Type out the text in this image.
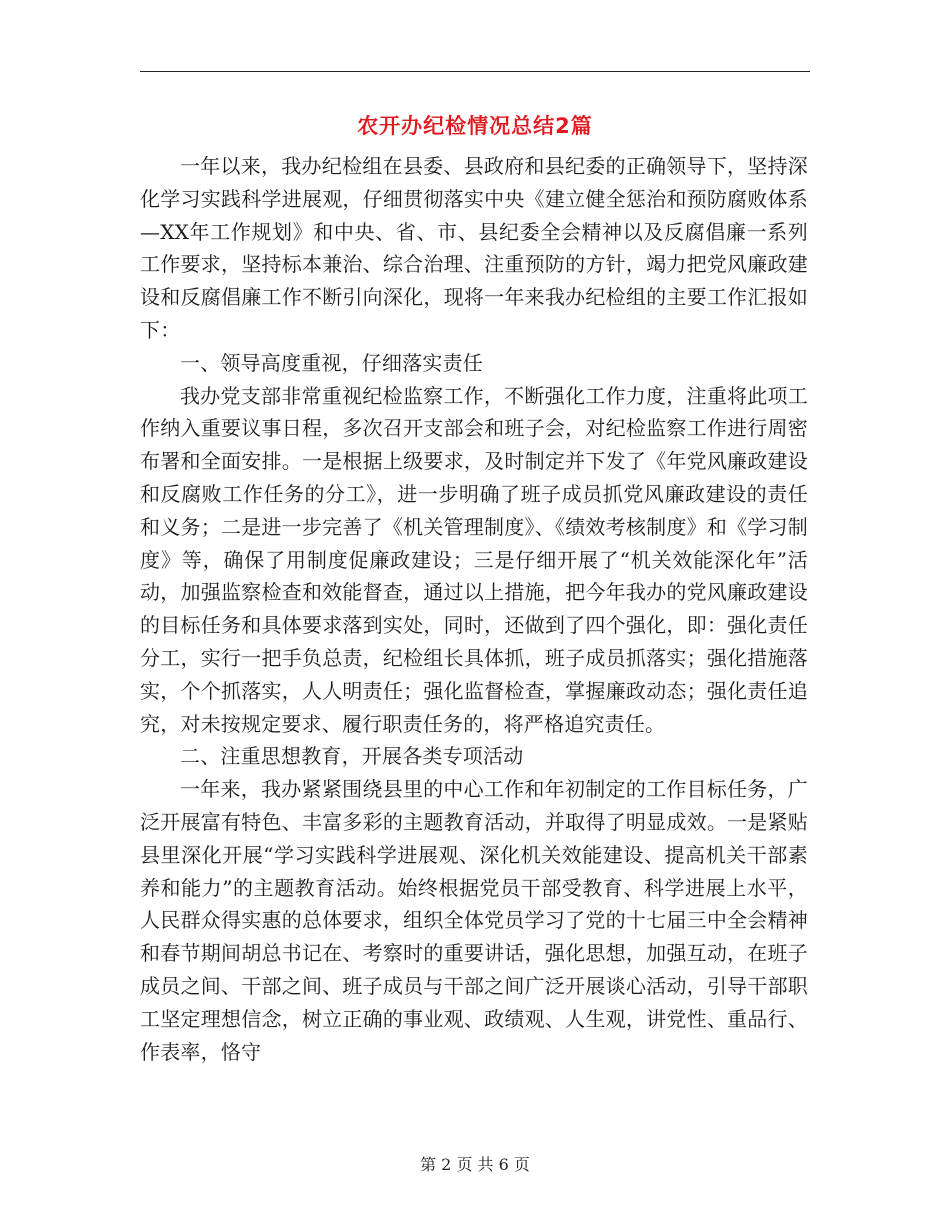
农开办纪检情况总结2篇

一年以来，我办纪检组在县委、县政府和县纪委的正确领导下，坚持深化学习实践科学进展观，仔细贯彻落实中央《建立健全惩治和预防腐败体系—XX年工作规划》和中央、省、市、县纪委全会精神以及反腐倡廉一系列工作要求，坚持标本兼治、综合治理、注重预防的方针，竭力把党风廉政建设和反腐倡廉工作不断引向深化，现将一年来我办纪检组的主要工作汇报如下：

一、领导高度重视，仔细落实责任

我办党支部非常重视纪检监察工作，不断强化工作力度，注重将此项工作纳入重要议事日程，多次召开支部会和班子会，对纪检监察工作进行周密布署和全面安排。一是根据上级要求，及时制定并下发了《年党风廉政建设和反腐败工作任务的分工》，进一步明确了班子成员抓党风廉政建设的责任和义务；二是进一步完善了《机关管理制度》、《绩效考核制度》和《学习制度》等，确保了用制度促廉政建设；三是仔细开展了“机关效能深化年”活动，加强监察检查和效能督查，通过以上措施，把今年我办的党风廉政建设的目标任务和具体要求落到实处，同时，还做到了四个强化，即：强化责任分工，实行一把手负总责，纪检组长具体抓，班子成员抓落实；强化措施落实，个个抓落实，人人明责任；强化监督检查，掌握廉政动态；强化责任追究，对未按规定要求、履行职责任务的，将严格追究责任。

二、注重思想教育，开展各类专项活动

一年来，我办紧紧围绕县里的中心工作和年初制定的工作目标任务，广泛开展富有特色、丰富多彩的主题教育活动，并取得了明显成效。一是紧贴县里深化开展“学习实践科学进展观、深化机关效能建设、提高机关干部素养和能力”的主题教育活动。始终根据党员干部受教育、科学进展上水平，人民群众得实惠的总体要求，组织全体党员学习了党的十七届三中全会精神和春节期间胡总书记在、考察时的重要讲话，强化思想，加强互动，在班子成员之间、干部之间、班子成员与干部之间广泛开展谈心活动，引导干部职工坚定理想信念，树立正确的事业观、政绩观、人生观，讲党性、重品行、作表率，恪守

第 2 页 共 6 页
